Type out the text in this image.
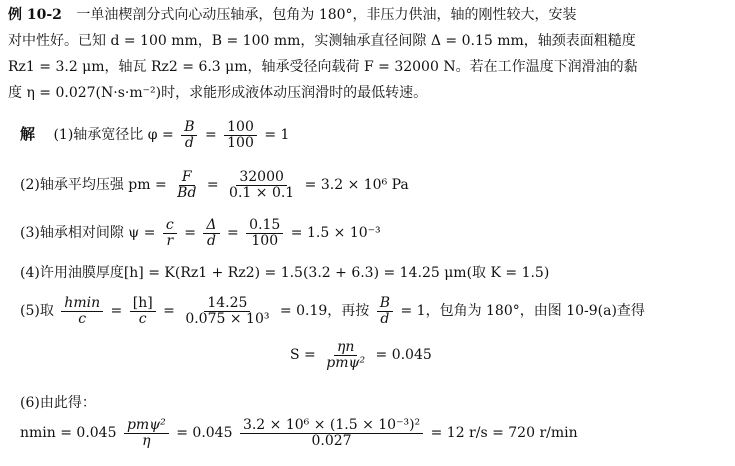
例 10-2 一单油楔剖分式向心动压轴承，包角为 180°，非压力供油，轴的刚性较大，安装
对中性好。已知 d = 100 mm，B = 100 mm，实测轴承直径间隙 Δ = 0.15 mm，轴颈表面粗糙度
Rz1 = 3.2 μm，轴瓦 Rz2 = 6.3 μm，轴承受径向载荷 F = 32000 N。若在工作温度下润滑油的黏
度 η = 0.027(N·s·m⁻²)时，求能形成液体动压润滑时的最低转速。
解 (1)轴承宽径比 $\varphi = \frac{B}{d} = \frac{100}{100} = 1$
(2)轴承平均压强 pm = $\frac{F}{Bd} = \frac{32000}{0.1 \times 0.1} = 3.2 \times 10^6$ Pa
(3)轴承相对间隙 $\psi = \frac{c}{r} = \frac{\Delta}{d} = \frac{0.15}{100} = 1.5 \times 10^{-3}$
(4)许用油膜厚度[h] = K(Rz1 + Rz2) = 1.5(3.2 + 6.3) = 14.25 μm(取 K = 1.5)
(5)取 $\frac{hmin}{c} = \frac{[h]}{c} = \frac{14.25}{\text{0.075 × 10³}} = 0.19$，再按 $\frac{B}{d} = 1$，包角为 180°，由图 10-9(a)查得
$S = \frac{\eta n}{\text{pmψ²}} = 0.045$
(6)由此得：
$nmin = 0.045 \frac{\text{pmψ²}}{\eta} = 0.045 \frac{\text{3.2 × 10⁶ × (1.5 × 10⁻³)²}}{0.027} = 12$ r/s = 720 r/min
